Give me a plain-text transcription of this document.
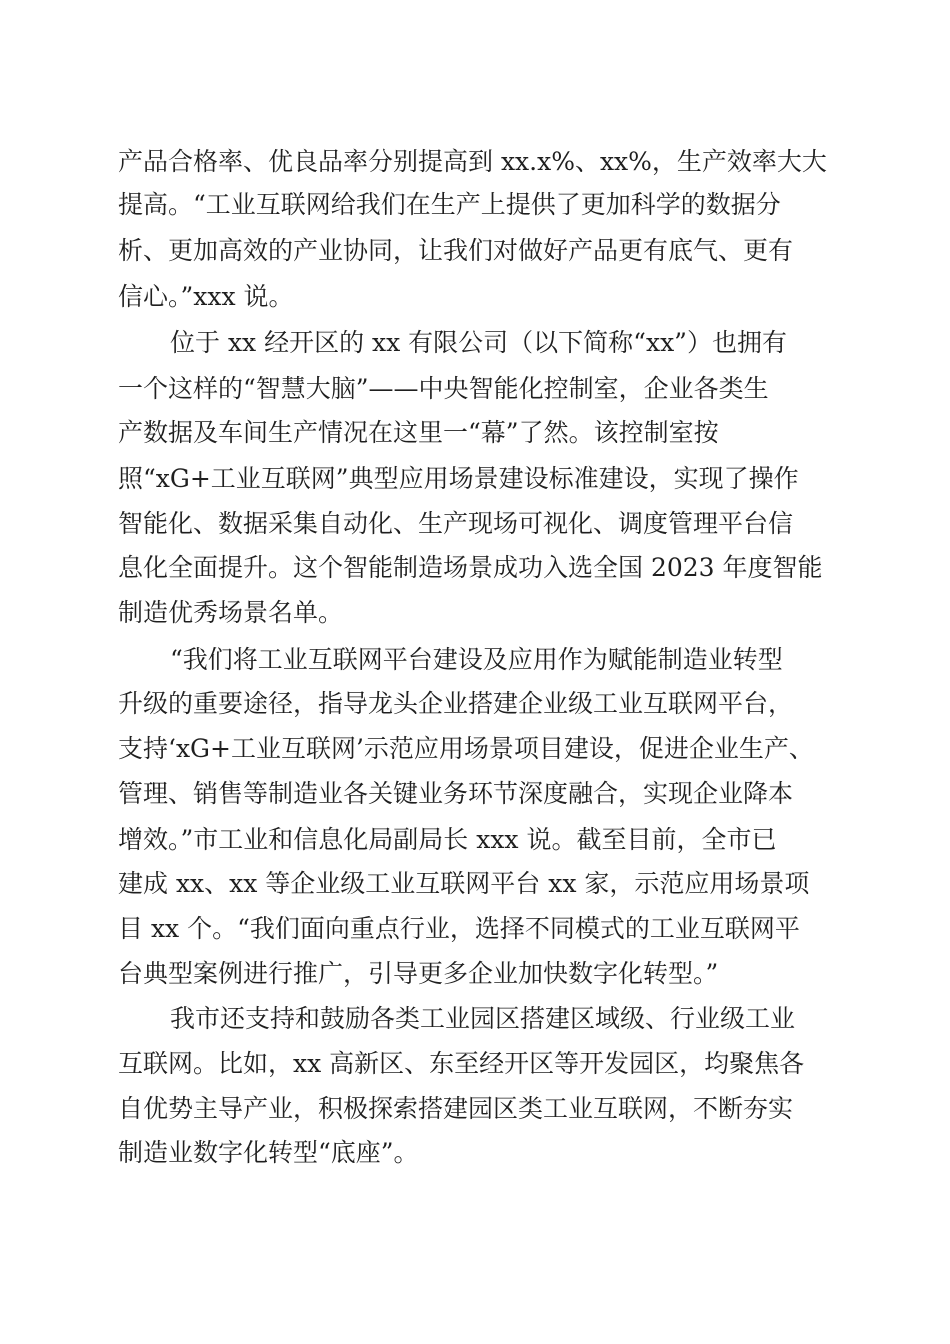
产品合格率、优良品率分别提高到 xx.x%、xx%，生产效率大大
提高。“工业互联网给我们在生产上提供了更加科学的数据分
析、更加高效的产业协同，让我们对做好产品更有底气、更有
信心。”xxx 说。
位于 xx 经开区的 xx 有限公司（以下简称“xx”）也拥有
一个这样的“智慧大脑”——中央智能化控制室，企业各类生
产数据及车间生产情况在这里一“幕”了然。该控制室按
照“xG+工业互联网”典型应用场景建设标准建设，实现了操作
智能化、数据采集自动化、生产现场可视化、调度管理平台信
息化全面提升。这个智能制造场景成功入选全国 2023 年度智能
制造优秀场景名单。
“我们将工业互联网平台建设及应用作为赋能制造业转型
升级的重要途径，指导龙头企业搭建企业级工业互联网平台，
支持‘xG+工业互联网’示范应用场景项目建设，促进企业生产、
管理、销售等制造业各关键业务环节深度融合，实现企业降本
增效。”市工业和信息化局副局长 xxx 说。截至目前，全市已
建成 xx、xx 等企业级工业互联网平台 xx 家，示范应用场景项
目 xx 个。“我们面向重点行业，选择不同模式的工业互联网平
台典型案例进行推广，引导更多企业加快数字化转型。”
我市还支持和鼓励各类工业园区搭建区域级、行业级工业
互联网。比如，xx 高新区、东至经开区等开发园区，均聚焦各
自优势主导产业，积极探索搭建园区类工业互联网，不断夯实
制造业数字化转型“底座”。
